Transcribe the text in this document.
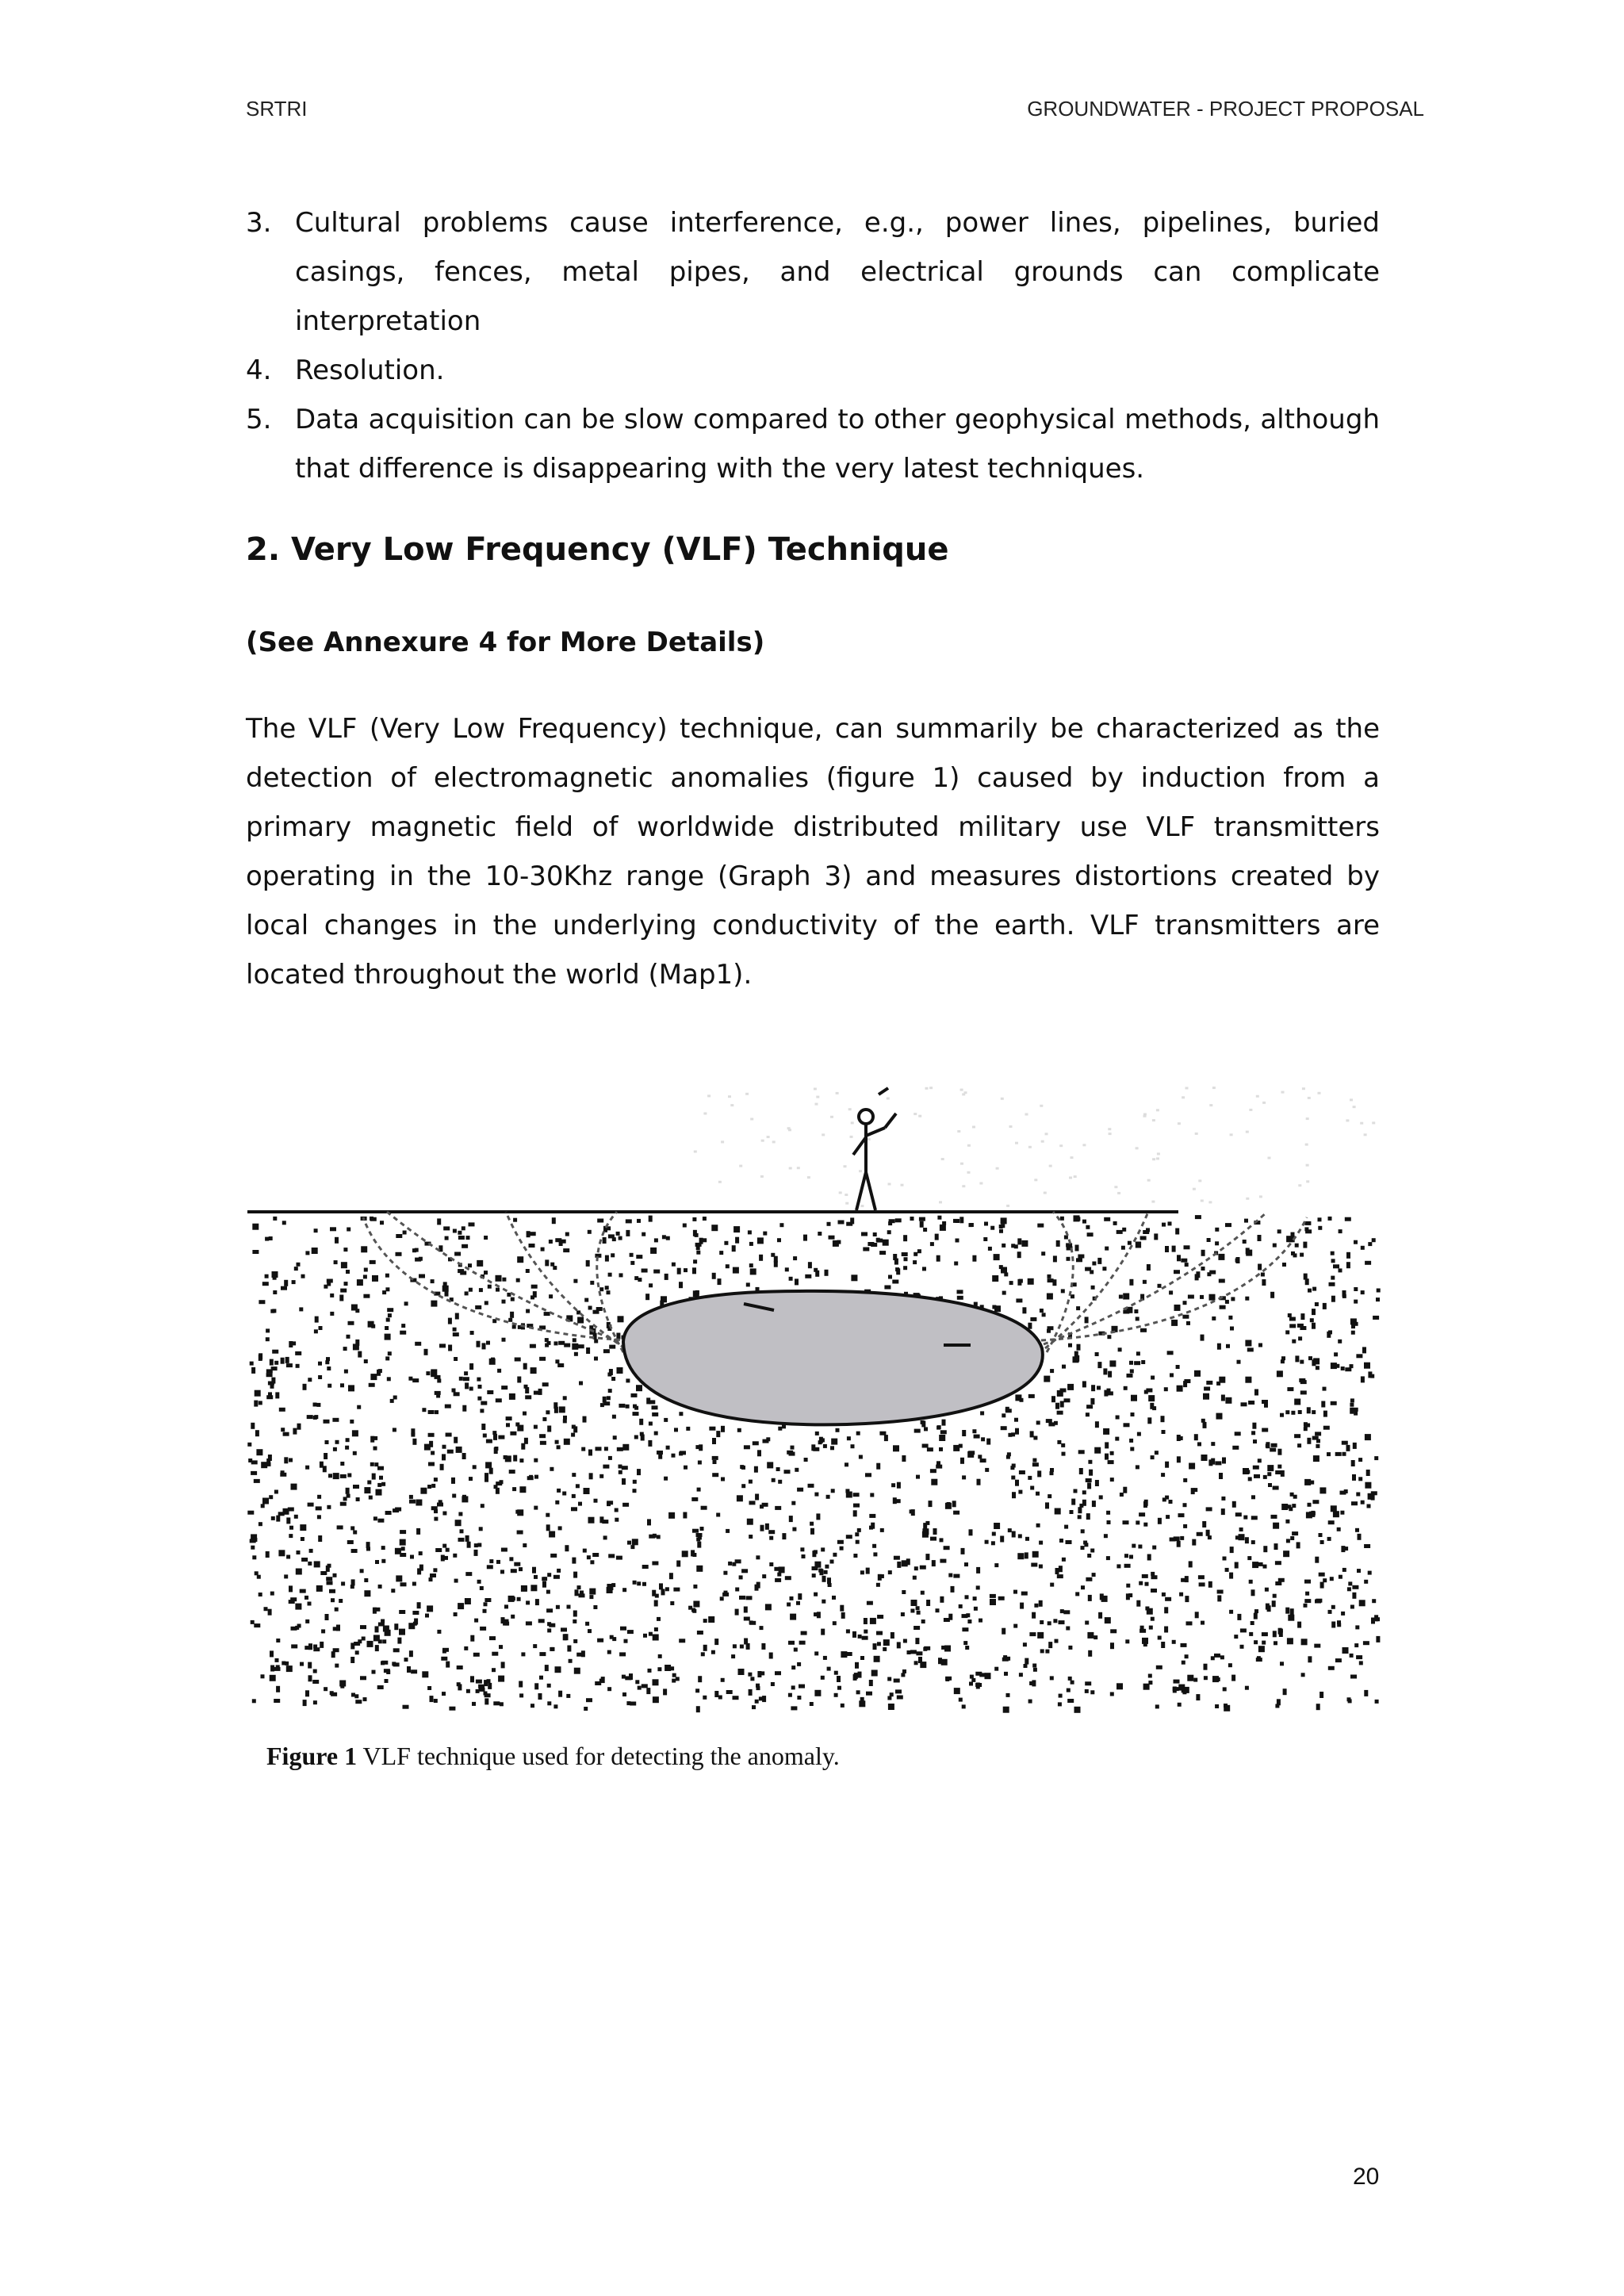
SRTRI	GROUNDWATER - PROJECT PROPOSAL
3. Cultural problems cause interference, e.g., power lines, pipelines, buried casings, fences, metal pipes, and electrical grounds can complicate interpretation
4. Resolution.
5. Data acquisition can be slow compared to other geophysical methods, although that difference is disappearing with the very latest techniques.
2. Very Low Frequency (VLF) Technique
(See Annexure 4 for More Details)

The VLF (Very Low Frequency) technique, can summarily be characterized as the detection of electromagnetic anomalies (figure 1) caused by induction from a primary magnetic field of worldwide distributed military use VLF transmitters operating in the 10-30Khz range (Graph 3) and measures distortions created by local changes in the underlying conductivity of the earth. VLF transmitters are located throughout the world (Map1).

Figure 1 VLF technique used for detecting the anomaly.
20
